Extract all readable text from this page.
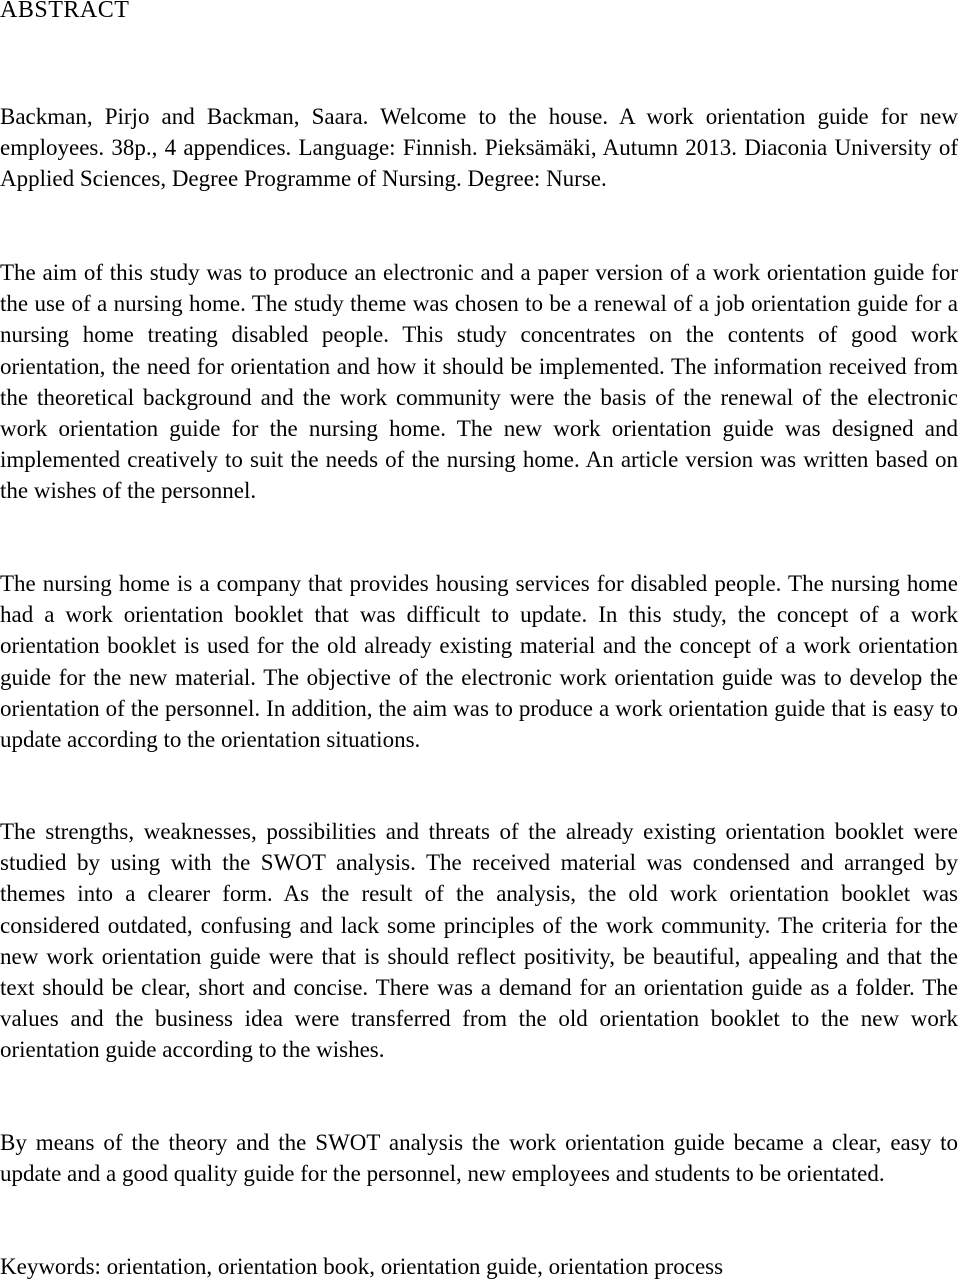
ABSTRACT

Backman, Pirjo and Backman, Saara. Welcome to the house. A work orientation guide for new employees. 38p., 4 appendices. Language: Finnish. Pieksämäki, Autumn 2013. Diaconia University of Applied Sciences, Degree Programme of Nursing. Degree: Nurse.

The aim of this study was to produce an electronic and a paper version of a work orientation guide for the use of a nursing home. The study theme was chosen to be a renewal of a job orientation guide for a nursing home treating disabled people. This study concentrates on the contents of good work orientation, the need for orientation and how it should be implemented. The information received from the theoretical background and the work community were the basis of the renewal of the electronic work orientation guide for the nursing home. The new work orientation guide was designed and implemented creatively to suit the needs of the nursing home. An article version was written based on the wishes of the personnel.

The nursing home is a company that provides housing services for disabled people. The nursing home had a work orientation booklet that was difficult to update. In this study, the concept of a work orientation booklet is used for the old already existing material and the concept of a work orientation guide for the new material. The objective of the electronic work orientation guide was to develop the orientation of the personnel. In addition, the aim was to produce a work orientation guide that is easy to update according to the orientation situations.

The strengths, weaknesses, possibilities and threats of the already existing orientation booklet were studied by using with the SWOT analysis. The received material was condensed and arranged by themes into a clearer form. As the result of the analysis, the old work orientation booklet was considered outdated, confusing and lack some principles of the work community. The criteria for the new work orientation guide were that is should reflect positivity, be beautiful, appealing and that the text should be clear, short and concise. There was a demand for an orientation guide as a folder. The values and the business idea were transferred from the old orientation booklet to the new work orientation guide according to the wishes.

By means of the theory and the SWOT analysis the work orientation guide became a clear, easy to update and a good quality guide for the personnel, new employees and students to be orientated.

Keywords: orientation, orientation book, orientation guide, orientation process
